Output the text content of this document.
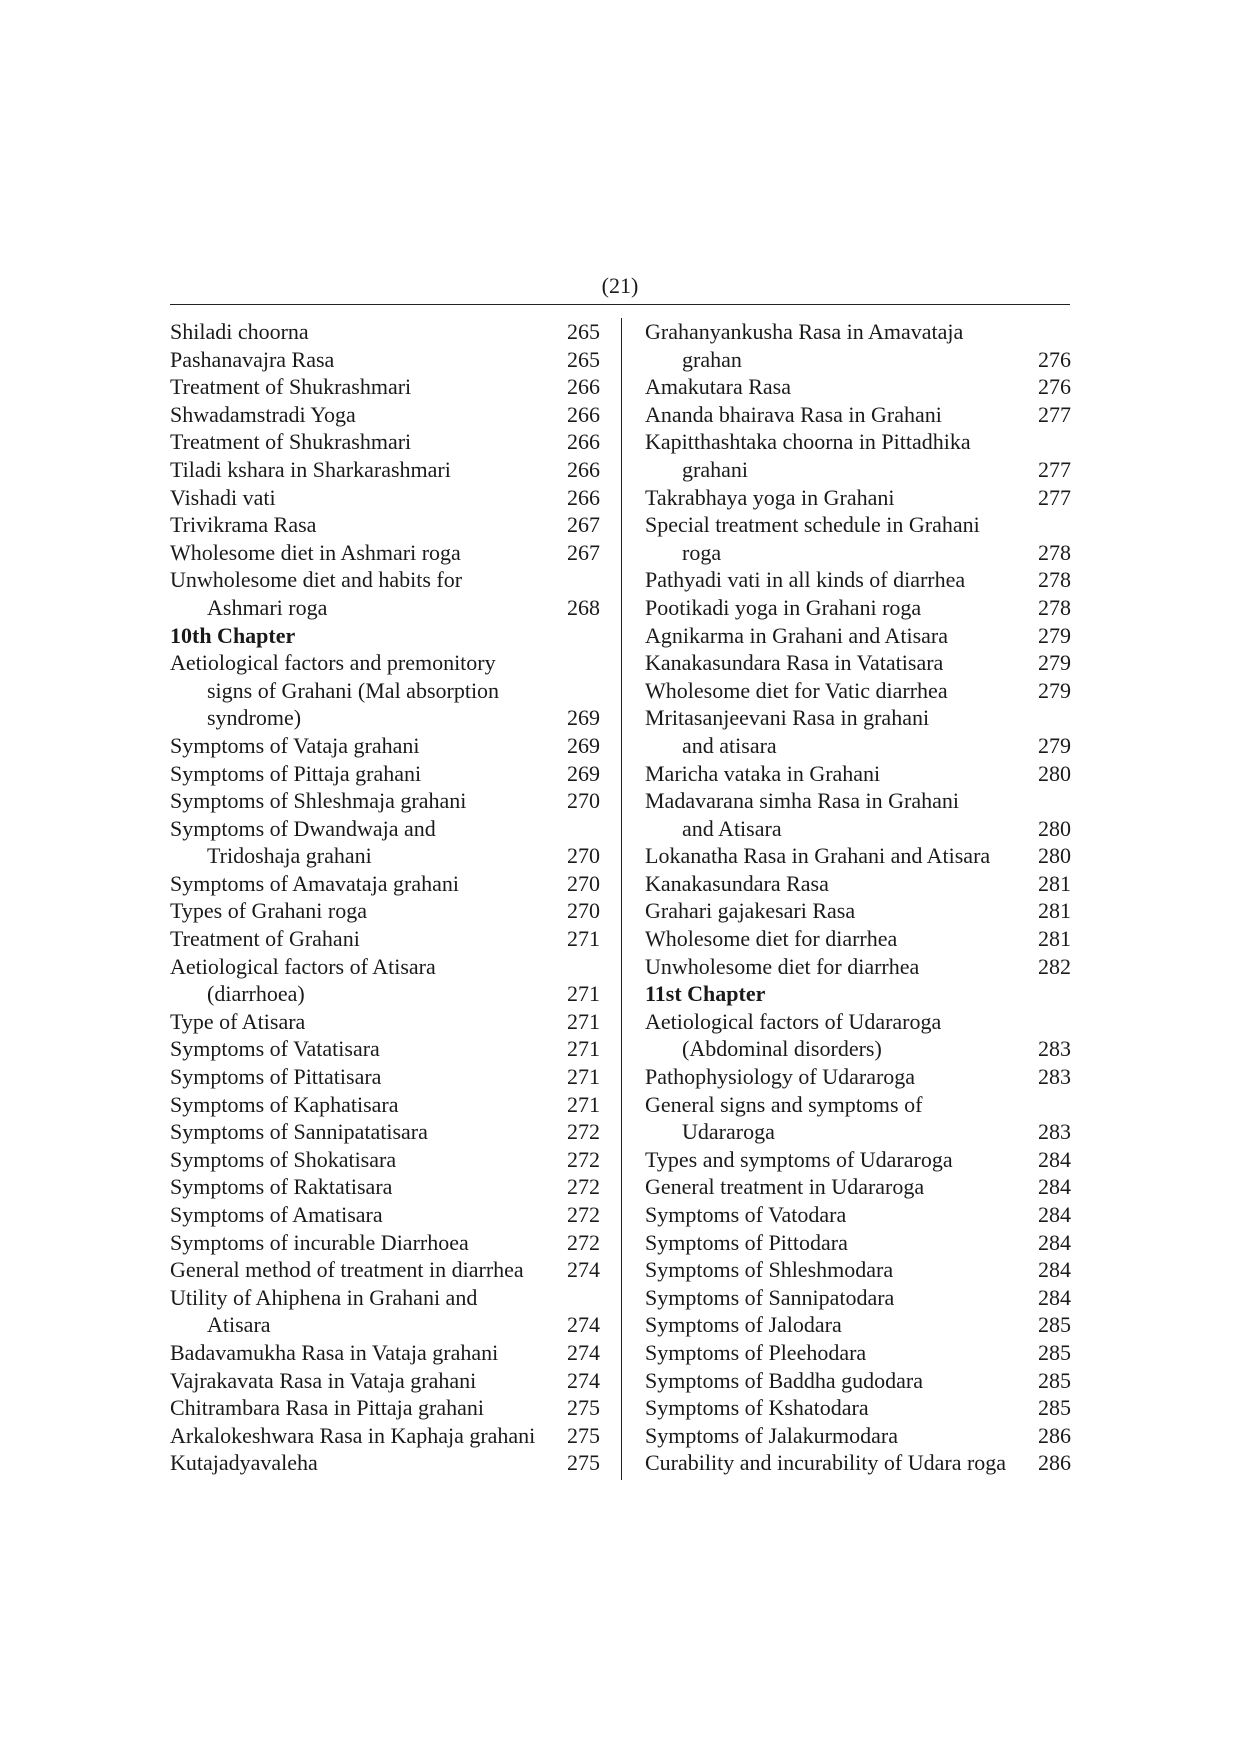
(21)
Shiladi choorna	265
Pashanavajra Rasa	265
Treatment of Shukrashmari	266
Shwadamstradi Yoga	266
Treatment of Shukrashmari	266
Tiladi kshara in Sharkarashmari	266
Vishadi vati	266
Trivikrama Rasa	267
Wholesome diet in Ashmari roga	267
Unwholesome diet and habits for
Ashmari roga	268
10th Chapter
Aetiological factors and premonitory
signs of Grahani (Mal absorption
syndrome)	269
Symptoms of Vataja grahani	269
Symptoms of Pittaja grahani	269
Symptoms of Shleshmaja grahani	270
Symptoms of Dwandwaja and
Tridoshaja grahani	270
Symptoms of Amavataja grahani	270
Types of Grahani roga	270
Treatment of Grahani	271
Aetiological factors of Atisara
(diarrhoea)	271
Type of Atisara	271
Symptoms of Vatatisara	271
Symptoms of Pittatisara	271
Symptoms of Kaphatisara	271
Symptoms of Sannipatatisara	272
Symptoms of Shokatisara	272
Symptoms of Raktatisara	272
Symptoms of Amatisara	272
Symptoms of incurable Diarrhoea	272
General method of treatment in diarrhea	274
Utility of Ahiphena in Grahani and
Atisara	274
Badavamukha Rasa in Vataja grahani	274
Vajrakavata Rasa in Vataja grahani	274
Chitrambara Rasa in Pittaja grahani	275
Arkalokeshwara Rasa in Kaphaja grahani	275
Kutajadyavaleha	275
Grahanyankusha Rasa in Amavataja
grahan	276
Amakutara Rasa	276
Ananda bhairava Rasa in Grahani	277
Kapitthashtaka choorna in Pittadhika
grahani	277
Takrabhaya yoga in Grahani	277
Special treatment schedule in Grahani
roga	278
Pathyadi vati in all kinds of diarrhea	278
Pootikadi yoga in Grahani roga	278
Agnikarma in Grahani and Atisara	279
Kanakasundara Rasa in Vatatisara	279
Wholesome diet for Vatic diarrhea	279
Mritasanjeevani Rasa in grahani
and atisara	279
Maricha vataka in Grahani	280
Madavarana simha Rasa in Grahani
and Atisara	280
Lokanatha Rasa in Grahani and Atisara	280
Kanakasundara Rasa	281
Grahari gajakesari Rasa	281
Wholesome diet for diarrhea	281
Unwholesome diet for diarrhea	282
11st Chapter
Aetiological factors of Udararoga
(Abdominal disorders)	283
Pathophysiology of Udararoga	283
General signs and symptoms of
Udararoga	283
Types and symptoms of Udararoga	284
General treatment in Udararoga	284
Symptoms of Vatodara	284
Symptoms of Pittodara	284
Symptoms of Shleshmodara	284
Symptoms of Sannipatodara	284
Symptoms of Jalodara	285
Symptoms of Pleehodara	285
Symptoms of Baddha gudodara	285
Symptoms of Kshatodara	285
Symptoms of Jalakurmodara	286
Curability and incurability of Udara roga	286
